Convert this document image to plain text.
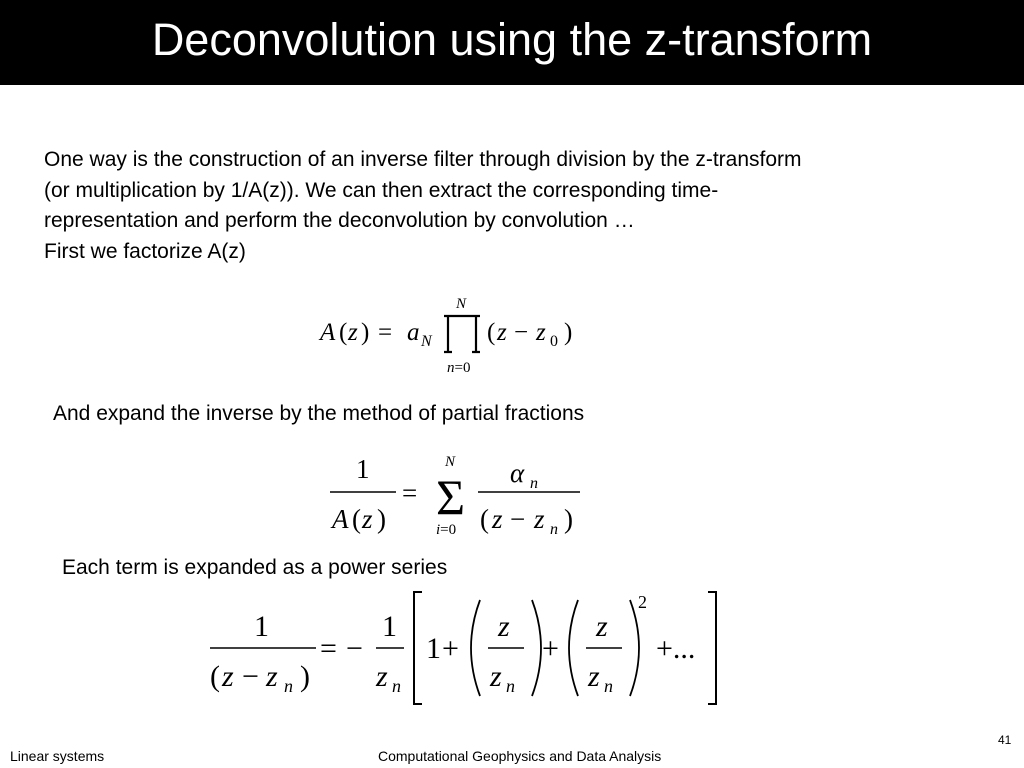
Deconvolution using the z-transform
One way is the construction of an inverse filter through division by the z-transform
(or multiplication by 1/A(z)). We can then extract the corresponding time-
representation and perform the deconvolution by convolution …
First we factorize A(z)
A ( z ) = a N
N
n=0
( z − z 0 )
And expand the inverse by the method of partial fractions
1
A ( z )
=
N
Σ
i=0
α n
( z − z n )
Each term is expanded as a power series
1
( z − z n )
= −
1
z n
1 +
z
z n
+
z
z n
2
+...
41
Linear systems	Computational Geophysics and Data Analysis
